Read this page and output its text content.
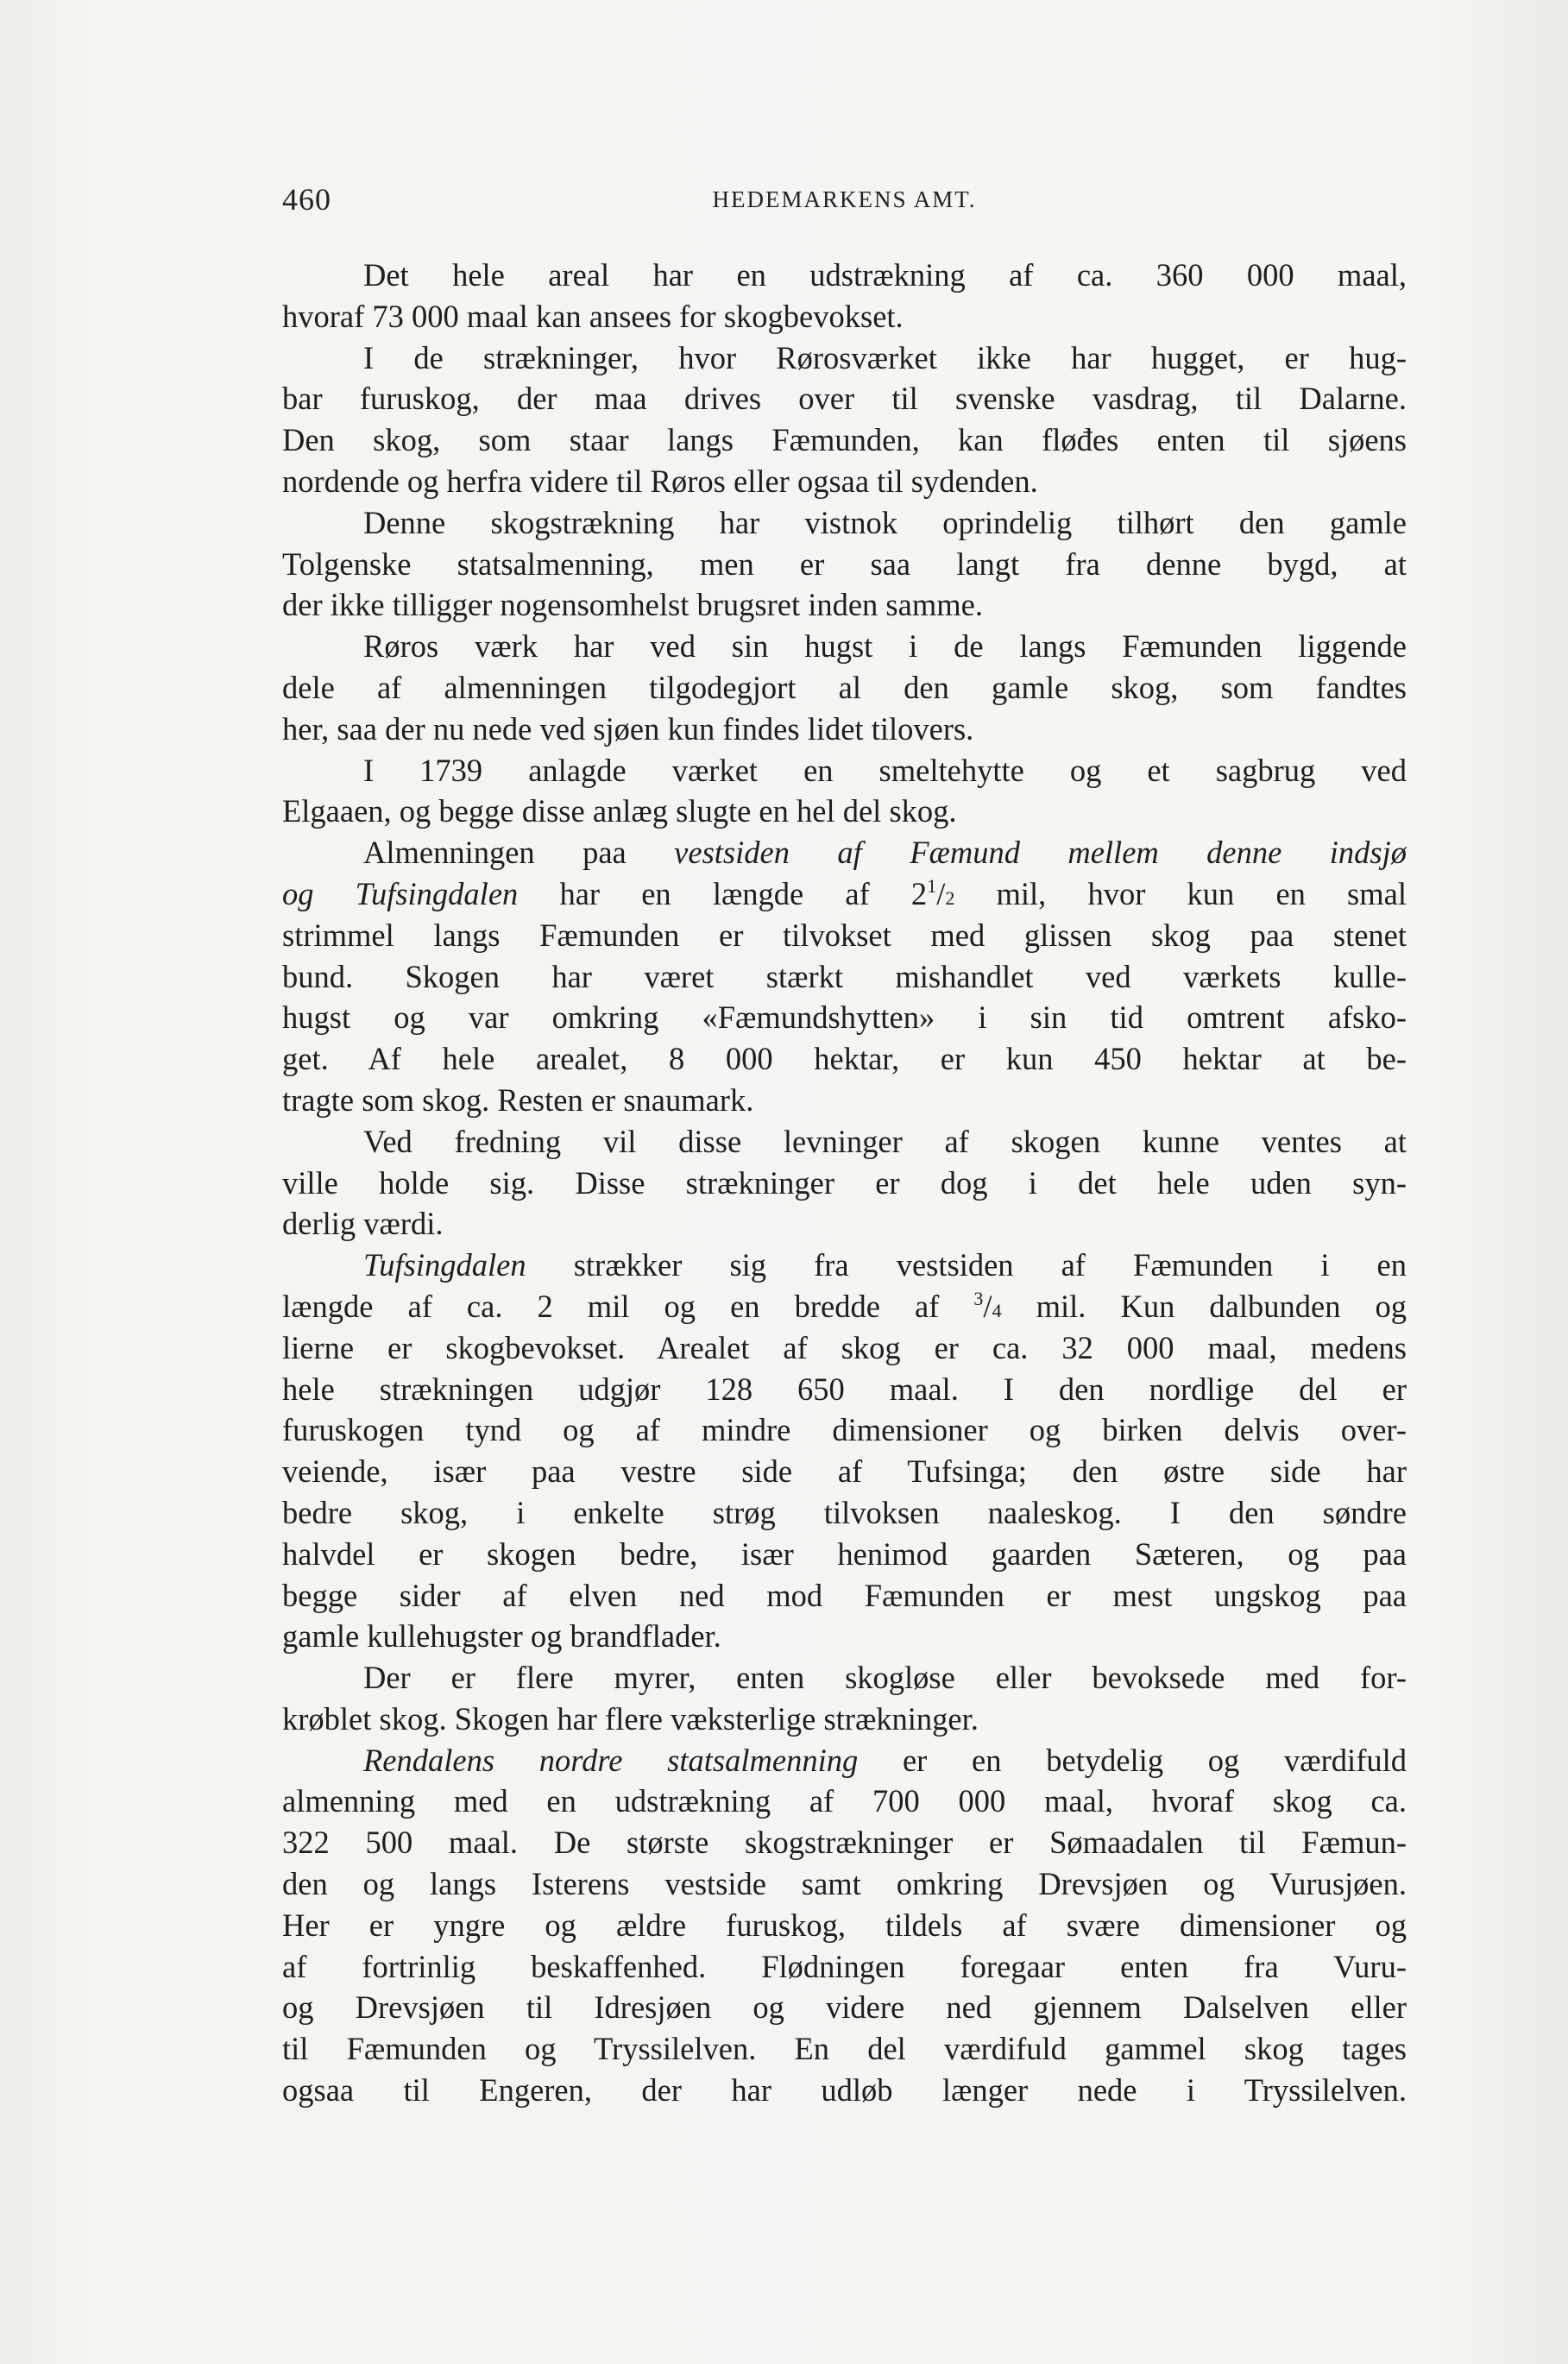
460	HEDEMARKENS AMT.
Det hele areal har en udstrækning af ca. 360 000 maal,
hvoraf 73 000 maal kan ansees for skogbevokset.
I de strækninger, hvor Rørosværket ikke har hugget, er hug-
bar furuskog, der maa drives over til svenske vasdrag, til Dalarne.
Den skog, som staar langs Fæmunden, kan fløđes enten til sjøens
nordende og herfra videre til Røros eller ogsaa til sydenden.
Denne skogstrækning har vistnok oprindelig tilhørt den gamle
Tolgenske statsalmenning, men er saa langt fra denne bygd, at
der ikke tilligger nogensomhelst brugsret inden samme.
Røros værk har ved sin hugst i de langs Fæmunden liggende
dele af almenningen tilgodegjort al den gamle skog, som fandtes
her, saa der nu nede ved sjøen kun findes lidet tilovers.
I 1739 anlagde værket en smeltehytte og et sagbrug ved
Elgaaen, og begge disse anlæg slugte en hel del skog.
Almenningen paa vestsiden af Fæmund mellem denne indsjø
og Tufsingdalen har en længde af $2^1/2$ mil, hvor kun en smal
strimmel langs Fæmunden er tilvokset med glissen skog paa stenet
bund. Skogen har været stærkt mishandlet ved værkets kulle-
hugst og var omkring «Fæmundshytten» i sin tid omtrent afsko-
get. Af hele arealet, 8 000 hektar, er kun 450 hektar at be-
tragte som skog. Resten er snaumark.
Ved fredning vil disse levninger af skogen kunne ventes at
ville holde sig. Disse strækninger er dog i det hele uden syn-
derlig værdi.
Tufsingdalen strækker sig fra vestsiden af Fæmunden i en
længde af ca. 2 mil og en bredde af $^3$/4 mil. Kun dalbunden og
lierne er skogbevokset. Arealet af skog er ca. 32 000 maal, medens
hele strækningen udgjør 128 650 maal. I den nordlige del er
furuskogen tynd og af mindre dimensioner og birken delvis over-
veiende, især paa vestre side af Tufsinga; den østre side har
bedre skog, i enkelte strøg tilvoksen naaleskog. I den søndre
halvdel er skogen bedre, især henimod gaarden Sæteren, og paa
begge sider af elven ned mod Fæmunden er mest ungskog paa
gamle kullehugster og brandflader.
Der er flere myrer, enten skogløse eller bevoksede med for-
krøblet skog. Skogen har flere væksterlige strækninger.
Rendalens nordre statsalmenning er en betydelig og værdifuld
almenning med en udstrækning af 700 000 maal, hvoraf skog ca.
322 500 maal. De største skogstrækninger er Sømaadalen til Fæmun-
den og langs Isterens vestside samt omkring Drevsjøen og Vurusjøen.
Her er yngre og ældre furuskog, tildels af svære dimensioner og
af fortrinlig beskaffenhed. Flødningen foregaar enten fra Vuru-
og Drevsjøen til Idresjøen og videre ned gjennem Dalselven eller
til Fæmunden og Tryssilelven. En del værdifuld gammel skog tages
ogsaa til Engeren, der har udløb længer nede i Tryssilelven.
